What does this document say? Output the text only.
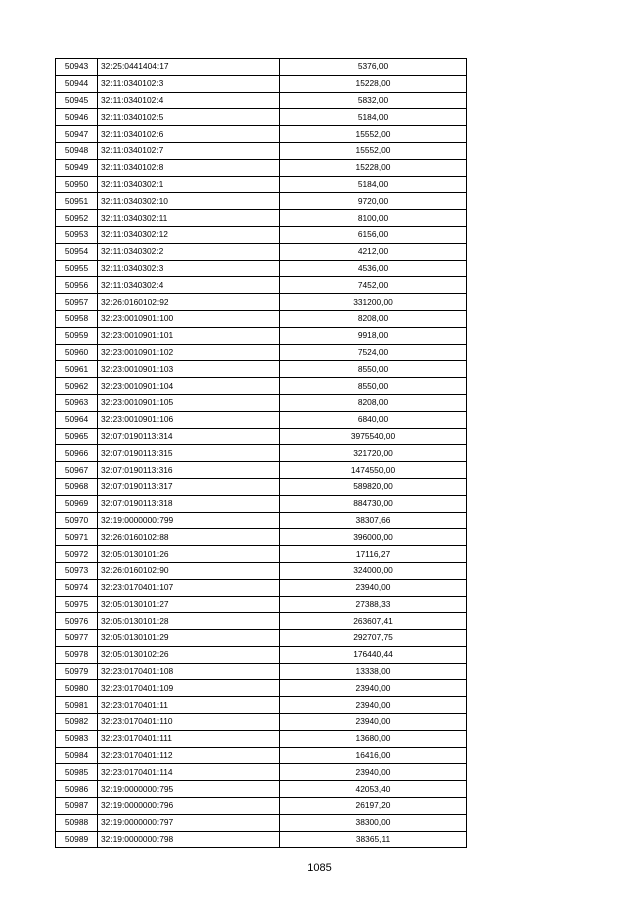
50943	32:25:0441404:17	5376,00
50944	32:11:0340102:3	15228,00
50945	32:11:0340102:4	5832,00
50946	32:11:0340102:5	5184,00
50947	32:11:0340102:6	15552,00
50948	32:11:0340102:7	15552,00
50949	32:11:0340102:8	15228,00
50950	32:11:0340302:1	5184,00
50951	32:11:0340302:10	9720,00
50952	32:11:0340302:11	8100,00
50953	32:11:0340302:12	6156,00
50954	32:11:0340302:2	4212,00
50955	32:11:0340302:3	4536,00
50956	32:11:0340302:4	7452,00
50957	32:26:0160102:92	331200,00
50958	32:23:0010901:100	8208,00
50959	32:23:0010901:101	9918,00
50960	32:23:0010901:102	7524,00
50961	32:23:0010901:103	8550,00
50962	32:23:0010901:104	8550,00
50963	32:23:0010901:105	8208,00
50964	32:23:0010901:106	6840,00
50965	32:07:0190113:314	3975540,00
50966	32:07:0190113:315	321720,00
50967	32:07:0190113:316	1474550,00
50968	32:07:0190113:317	589820,00
50969	32:07:0190113:318	884730,00
50970	32:19:0000000:799	38307,66
50971	32:26:0160102:88	396000,00
50972	32:05:0130101:26	17116,27
50973	32:26:0160102:90	324000,00
50974	32:23:0170401:107	23940,00
50975	32:05:0130101:27	27388,33
50976	32:05:0130101:28	263607,41
50977	32:05:0130101:29	292707,75
50978	32:05:0130102:26	176440,44
50979	32:23:0170401:108	13338,00
50980	32:23:0170401:109	23940,00
50981	32:23:0170401:11	23940,00
50982	32:23:0170401:110	23940,00
50983	32:23:0170401:111	13680,00
50984	32:23:0170401:112	16416,00
50985	32:23:0170401:114	23940,00
50986	32:19:0000000:795	42053,40
50987	32:19:0000000:796	26197,20
50988	32:19:0000000:797	38300,00
50989	32:19:0000000:798	38365,11
1085
